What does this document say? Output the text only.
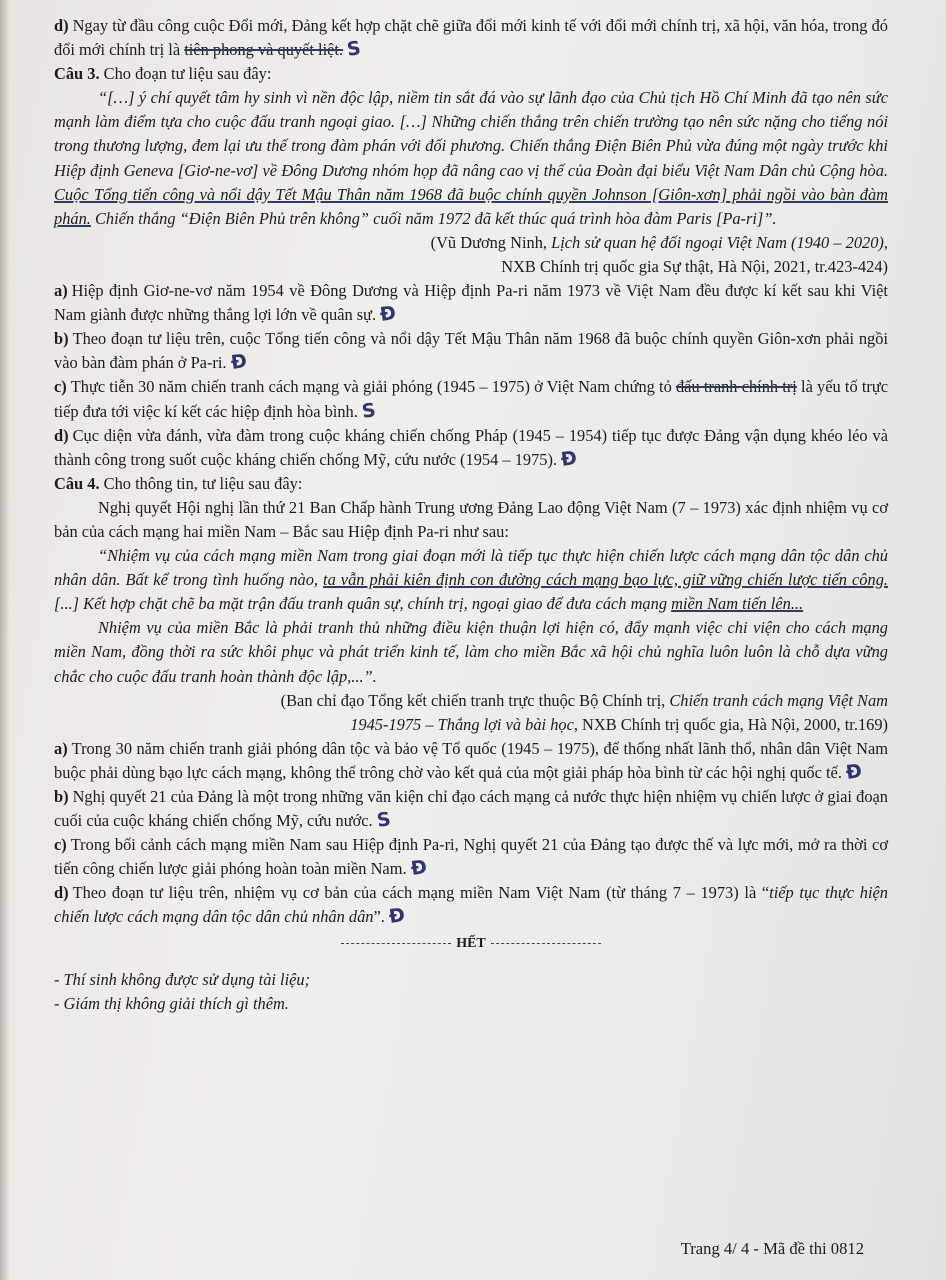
d) Ngay từ đầu công cuộc Đổi mới, Đảng kết hợp chặt chẽ giữa đổi mới kinh tế với đổi mới chính trị, xã hội, văn hóa, trong đó đổi mới chính trị là tiên phong và quyết liệt. S

Câu 3. Cho đoạn tư liệu sau đây:

“[…] ý chí quyết tâm hy sinh vì nền độc lập, niềm tin sắt đá vào sự lãnh đạo của Chủ tịch Hồ Chí Minh đã tạo nên sức mạnh làm điểm tựa cho cuộc đấu tranh ngoại giao. […] Những chiến thắng trên chiến trường tạo nên sức nặng cho tiếng nói trong thương lượng, đem lại ưu thế trong đàm phán với đối phương. Chiến thắng Điện Biên Phủ vừa đúng một ngày trước khi Hiệp định Geneva [Giơ-ne-vơ] về Đông Dương nhóm họp đã nâng cao vị thế của Đoàn đại biểu Việt Nam Dân chủ Cộng hòa. Cuộc Tổng tiến công và nổi dậy Tết Mậu Thân năm 1968 đã buộc chính quyền Johnson [Giôn-xơn] phải ngồi vào bàn đàm phán. Chiến thắng “Điện Biên Phủ trên không” cuối năm 1972 đã kết thúc quá trình hòa đàm Paris [Pa-ri]”.

(Vũ Dương Ninh, Lịch sử quan hệ đối ngoại Việt Nam (1940 – 2020),

NXB Chính trị quốc gia Sự thật, Hà Nội, 2021, tr.423-424)

a) Hiệp định Giơ-ne-vơ năm 1954 về Đông Dương và Hiệp định Pa-ri năm 1973 về Việt Nam đều được kí kết sau khi Việt Nam giành được những thắng lợi lớn về quân sự. Đ

b) Theo đoạn tư liệu trên, cuộc Tổng tiến công và nổi dậy Tết Mậu Thân năm 1968 đã buộc chính quyền Giôn-xơn phải ngồi vào bàn đàm phán ở Pa-ri. Đ

c) Thực tiễn 30 năm chiến tranh cách mạng và giải phóng (1945 – 1975) ở Việt Nam chứng tỏ đấu tranh chính trị là yếu tố trực tiếp đưa tới việc kí kết các hiệp định hòa bình. S

d) Cục diện vừa đánh, vừa đàm trong cuộc kháng chiến chống Pháp (1945 – 1954) tiếp tục được Đảng vận dụng khéo léo và thành công trong suốt cuộc kháng chiến chống Mỹ, cứu nước (1954 – 1975). Đ

Câu 4. Cho thông tin, tư liệu sau đây:

Nghị quyết Hội nghị lần thứ 21 Ban Chấp hành Trung ương Đảng Lao động Việt Nam (7 – 1973) xác định nhiệm vụ cơ bản của cách mạng hai miền Nam – Bắc sau Hiệp định Pa-ri như sau:

“Nhiệm vụ của cách mạng miền Nam trong giai đoạn mới là tiếp tục thực hiện chiến lược cách mạng dân tộc dân chủ nhân dân. Bất kể trong tình huống nào, ta vẫn phải kiên định con đường cách mạng bạo lực, giữ vững chiến lược tiến công. [...] Kết hợp chặt chẽ ba mặt trận đấu tranh quân sự, chính trị, ngoại giao để đưa cách mạng miền Nam tiến lên...

Nhiệm vụ của miền Bắc là phải tranh thủ những điều kiện thuận lợi hiện có, đẩy mạnh việc chi viện cho cách mạng miền Nam, đồng thời ra sức khôi phục và phát triển kinh tế, làm cho miền Bắc xã hội chủ nghĩa luôn luôn là chỗ dựa vững chắc cho cuộc đấu tranh hoàn thành độc lập,...”.

(Ban chỉ đạo Tổng kết chiến tranh trực thuộc Bộ Chính trị, Chiến tranh cách mạng Việt Nam

1945-1975 – Thắng lợi và bài học, NXB Chính trị quốc gia, Hà Nội, 2000, tr.169)

a) Trong 30 năm chiến tranh giải phóng dân tộc và bảo vệ Tổ quốc (1945 – 1975), để thống nhất lãnh thổ, nhân dân Việt Nam buộc phải dùng bạo lực cách mạng, không thể trông chờ vào kết quả của một giải pháp hòa bình từ các hội nghị quốc tế. Đ

b) Nghị quyết 21 của Đảng là một trong những văn kiện chỉ đạo cách mạng cả nước thực hiện nhiệm vụ chiến lược ở giai đoạn cuối của cuộc kháng chiến chống Mỹ, cứu nước. S

c) Trong bối cảnh cách mạng miền Nam sau Hiệp định Pa-ri, Nghị quyết 21 của Đảng tạo được thế và lực mới, mở ra thời cơ tiến công chiến lược giải phóng hoàn toàn miền Nam. Đ

d) Theo đoạn tư liệu trên, nhiệm vụ cơ bản của cách mạng miền Nam Việt Nam (từ tháng 7 – 1973) là “tiếp tục thực hiện chiến lược cách mạng dân tộc dân chủ nhân dân”. Đ

HẾT

- Thí sinh không được sử dụng tài liệu;

- Giám thị không giải thích gì thêm.

Trang 4/ 4 - Mã đề thi 0812
